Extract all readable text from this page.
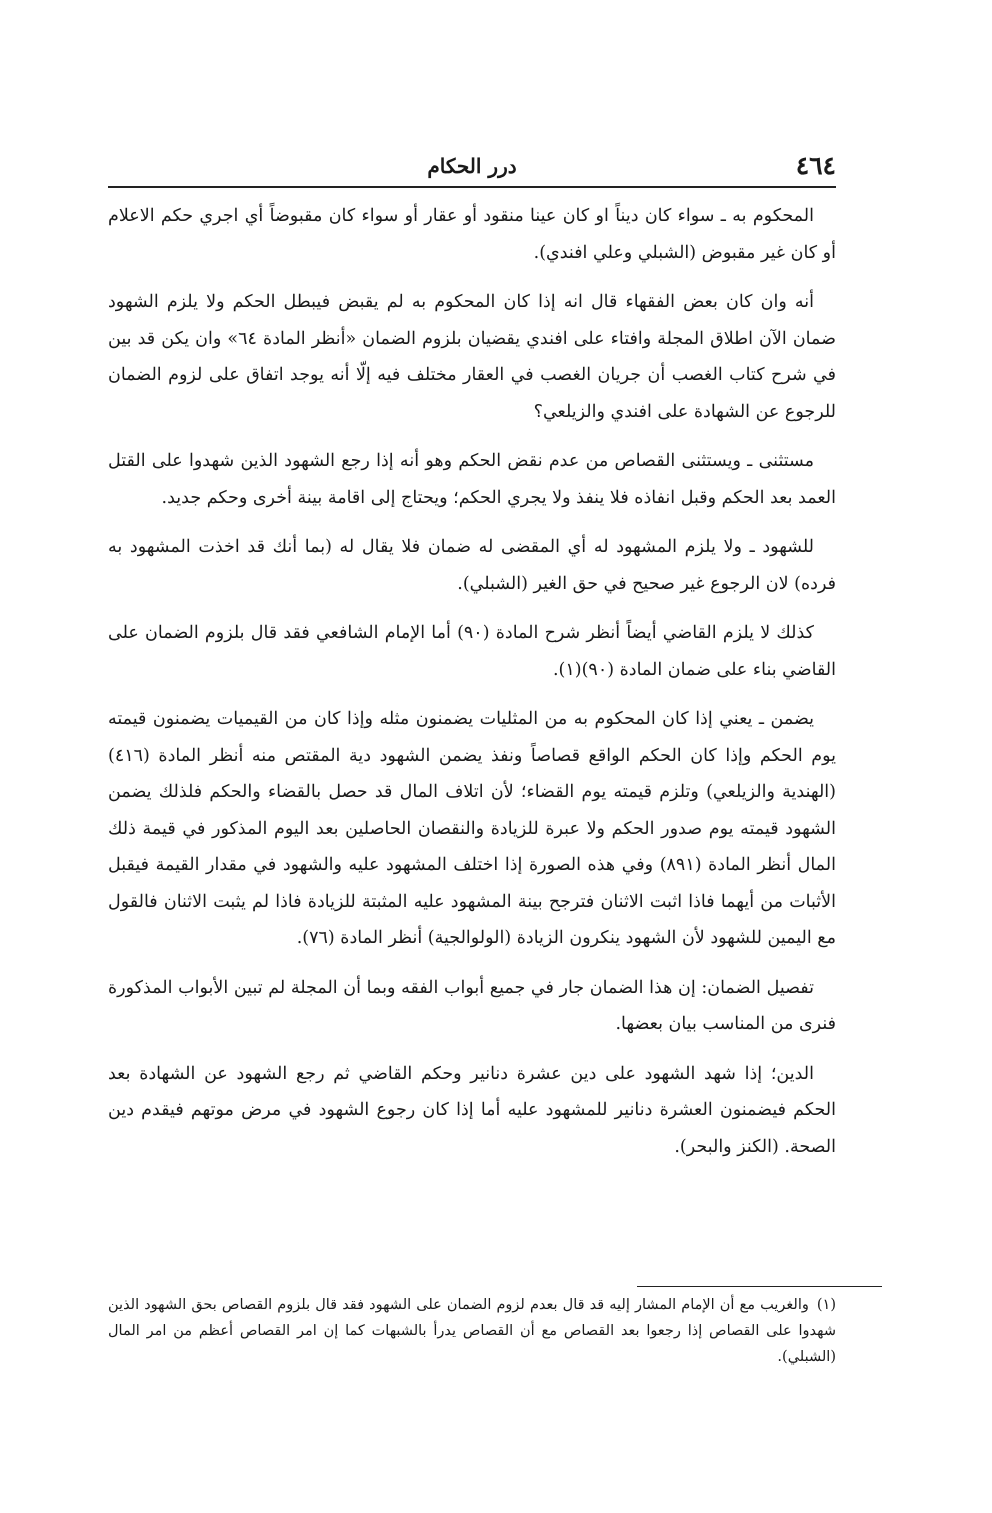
٤٦٤
درر الحكام

المحكوم به ـ سواء كان ديناً او كان عينا منقود أو عقار أو سواء كان مقبوضاً أي اجري حكم الاعلام أو كان غير مقبوض (الشبلي وعلي افندي).

أنه وان كان بعض الفقهاء قال انه إذا كان المحكوم به لم يقبض فيبطل الحكم ولا يلزم الشهود ضمان الآن اطلاق المجلة وافتاء على افندي يقضيان بلزوم الضمان «أنظر المادة ٦٤» وان يكن قد بين في شرح كتاب الغصب أن جريان الغصب في العقار مختلف فيه إلّا أنه يوجد اتفاق على لزوم الضمان للرجوع عن الشهادة على افندي والزيلعي؟

مستثنى ـ ويستثنى القصاص من عدم نقض الحكم وهو أنه إذا رجع الشهود الذين شهدوا على القتل العمد بعد الحكم وقبل انفاذه فلا ينفذ ولا يجري الحكم؛ ويحتاج إلى اقامة بينة أخرى وحكم جديد.

للشهود ـ ولا يلزم المشهود له أي المقضى له ضمان فلا يقال له (بما أنك قد اخذت المشهود به فرده) لان الرجوع غير صحيح في حق الغير (الشبلي).

كذلك لا يلزم القاضي أيضاً أنظر شرح المادة (٩٠) أما الإمام الشافعي فقد قال بلزوم الضمان على القاضي بناء على ضمان المادة (٩٠)(١).

يضمن ـ يعني إذا كان المحكوم به من المثليات يضمنون مثله وإذا كان من القيميات يضمنون قيمته يوم الحكم وإذا كان الحكم الواقع قصاصاً ونفذ يضمن الشهود دية المقتص منه أنظر المادة (٤١٦) (الهندية والزيلعي) وتلزم قيمته يوم القضاء؛ لأن اتلاف المال قد حصل بالقضاء والحكم فلذلك يضمن الشهود قيمته يوم صدور الحكم ولا عبرة للزيادة والنقصان الحاصلين بعد اليوم المذكور في قيمة ذلك المال أنظر المادة (٨٩١) وفي هذه الصورة إذا اختلف المشهود عليه والشهود في مقدار القيمة فيقبل الأثبات من أيهما فاذا اثبت الاثنان فترجح بينة المشهود عليه المثبتة للزيادة فاذا لم يثبت الاثنان فالقول مع اليمين للشهود لأن الشهود ينكرون الزيادة (الولوالجية) أنظر المادة (٧٦).

تفصيل الضمان: إن هذا الضمان جار في جميع أبواب الفقه وبما أن المجلة لم تبين الأبواب المذكورة فنرى من المناسب بيان بعضها.

الدين؛ إذا شهد الشهود على دين عشرة دنانير وحكم القاضي ثم رجع الشهود عن الشهادة بعد الحكم فيضمنون العشرة دنانير للمشهود عليه أما إذا كان رجوع الشهود في مرض موتهم فيقدم دين الصحة. (الكنز والبحر).

(١)والغريب مع أن الإمام المشار إليه قد قال بعدم لزوم الضمان على الشهود فقد قال بلزوم القصاص بحق الشهود الذين شهدوا على القصاص إذا رجعوا بعد القصاص مع أن القصاص يدرأ بالشبهات كما إن امر القصاص أعظم من امر المال (الشبلي).
